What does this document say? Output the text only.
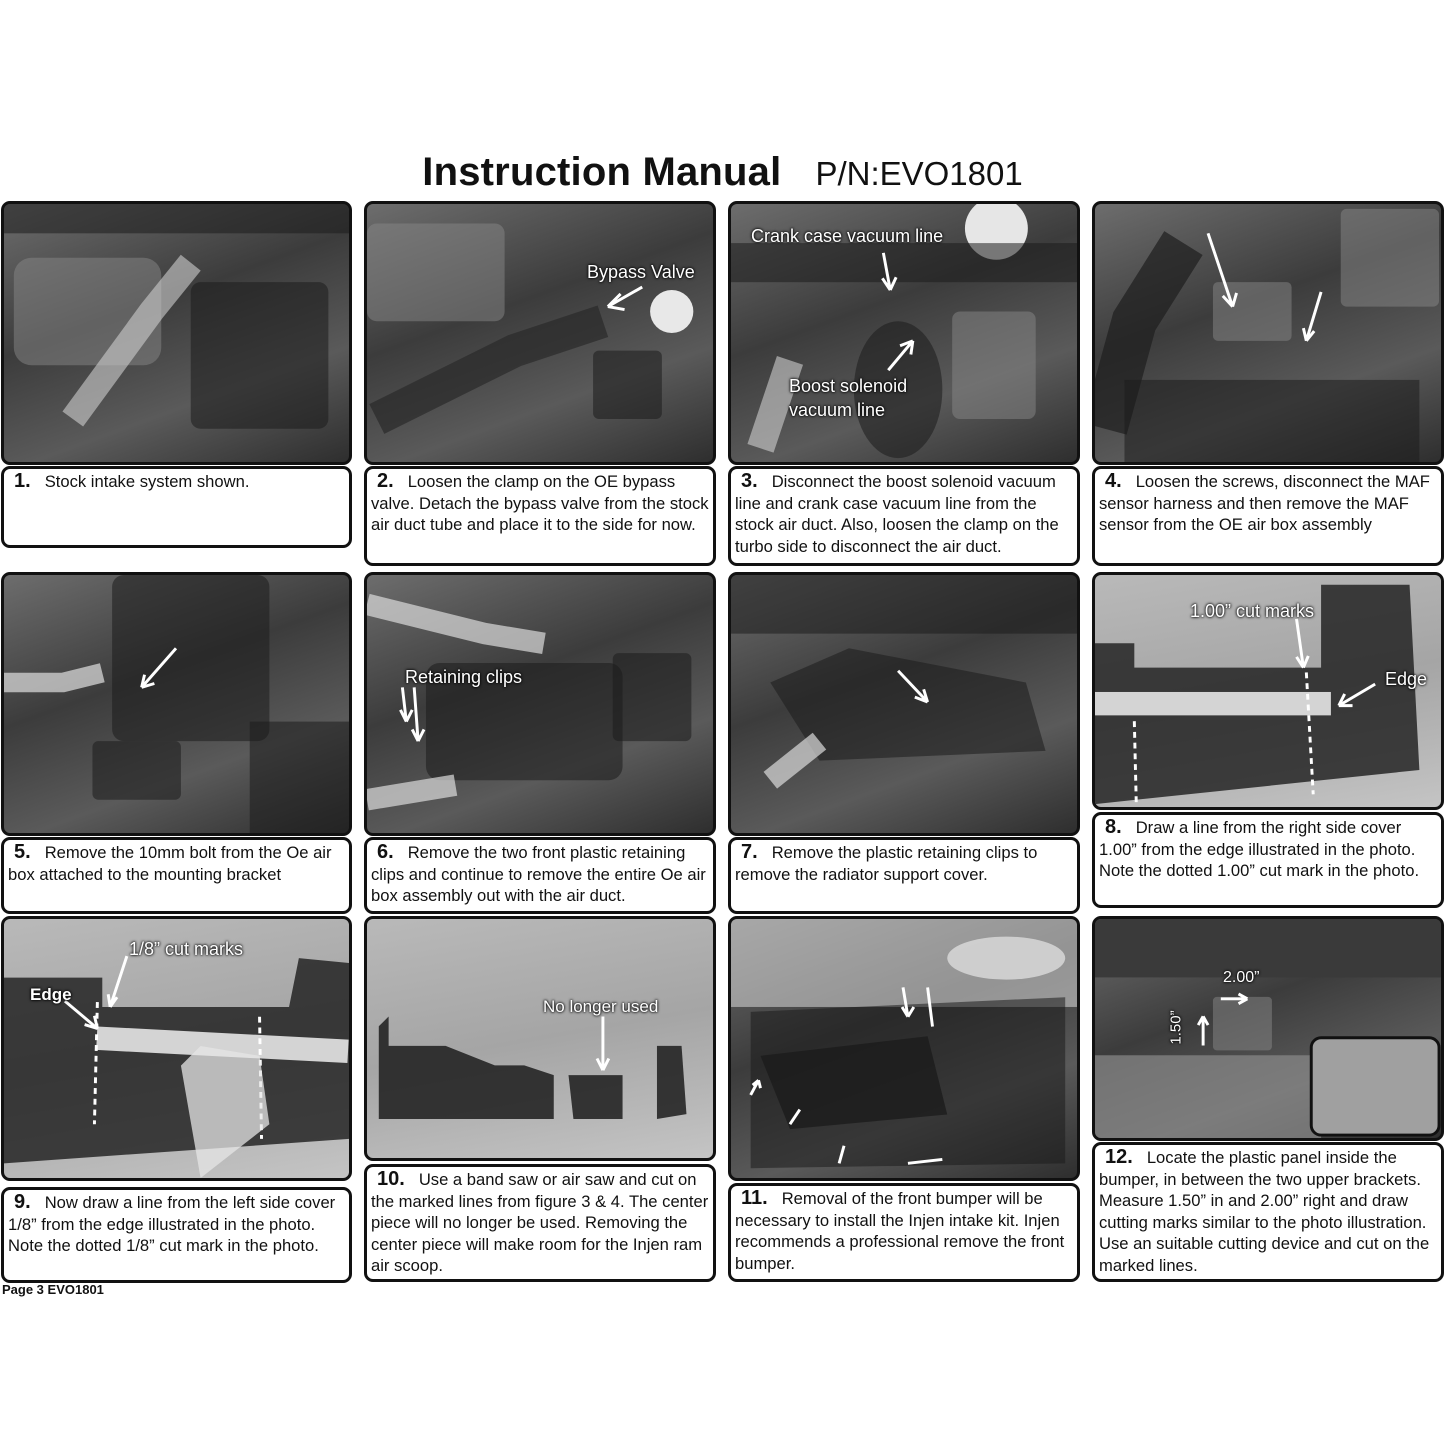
Instruction Manual P/N:EVO1801
1. Stock intake system shown.
Bypass Valve
2. Loosen the clamp on the OE bypass valve. Detach the bypass valve from the stock air duct tube and place it to the side for now.
Crank case vacuum line
Boost solenoid
vacuum line
3. Disconnect the boost solenoid vacuum line and crank case vacuum line from the stock air duct. Also, loosen the clamp on the turbo side to disconnect the air duct.
4. Loosen the screws, disconnect the MAF sensor harness and then remove the MAF sensor from the OE air box assembly
5. Remove the 10mm bolt from the Oe air box attached to the mounting bracket
Retaining clips
6. Remove the two front plastic retaining clips and continue to remove the entire Oe air box assembly out with the air duct.
7. Remove the plastic retaining clips to remove the radiator support cover.
1.00” cut marks
Edge
8. Draw a line from the right side cover 1.00” from the edge illustrated in the photo. Note the dotted 1.00” cut mark in the photo.
1/8” cut marks
Edge
9. Now draw a line from the left side cover 1/8” from the edge illustrated in the photo. Note the dotted 1/8” cut mark in the photo.
No longer used
10. Use a band saw or air saw and cut on the marked lines from figure 3 & 4. The center piece will no longer be used. Removing the center piece will make room for the Injen ram air scoop.
11. Removal of the front bumper will be necessary to install the Injen intake kit. Injen recommends a professional remove the front bumper.
2.00”
1.50”
12. Locate the plastic panel inside the bumper, in between the two upper brackets. Measure 1.50” in and 2.00” right and draw cutting marks similar to the photo illustration. Use an suitable cutting device and cut on the marked lines.
Page 3 EVO1801
